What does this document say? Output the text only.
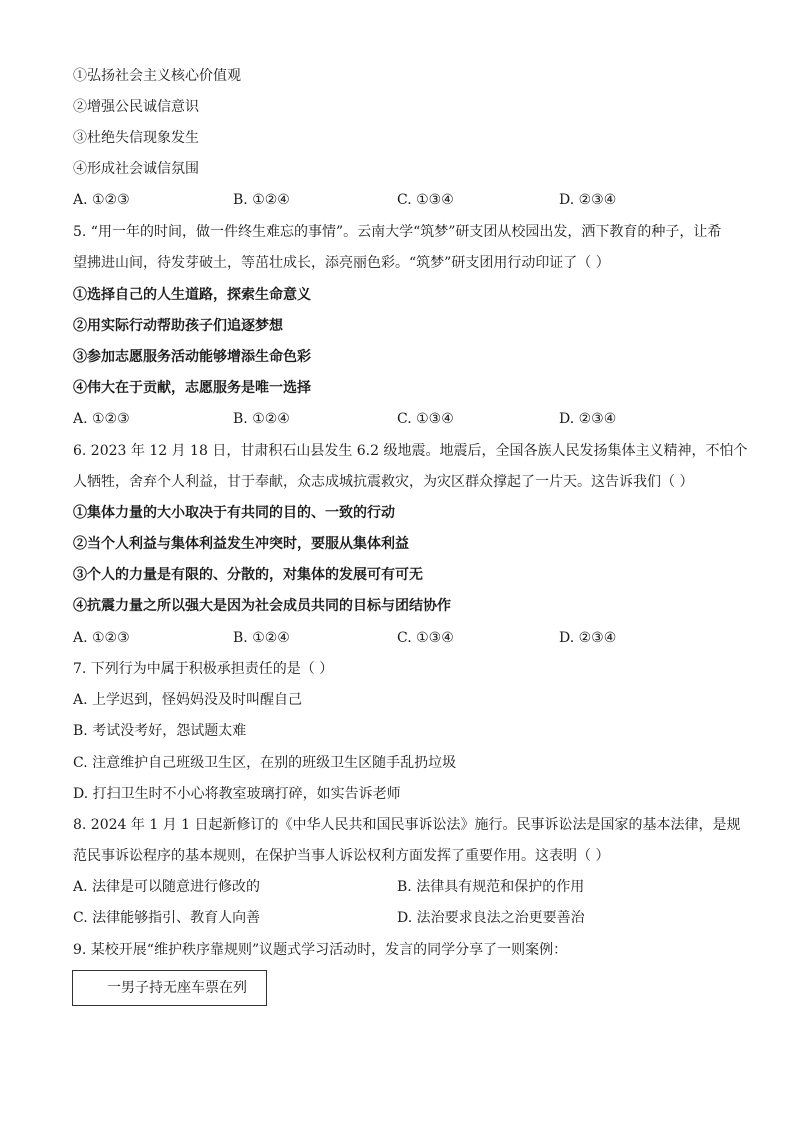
①弘扬社会主义核心价值观
②增强公民诚信意识
③杜绝失信现象发生
④形成社会诚信氛围
A. ①②③	B. ①②④	C. ①③④	D. ②③④
5. “用一年的时间，做一件终生难忘的事情”。云南大学“筑梦”研支团从校园出发，洒下教育的种子，让希
望拂进山间，待发芽破土，等茁壮成长，添亮丽色彩。“筑梦”研支团用行动印证了（ ）
①选择自己的人生道路，探索生命意义
②用实际行动帮助孩子们追逐梦想
③参加志愿服务活动能够增添生命色彩
④伟大在于贡献，志愿服务是唯一选择
A. ①②③	B. ①②④	C. ①③④	D. ②③④
6. 2023 年 12 月 18 日，甘肃积石山县发生 6.2 级地震。地震后，全国各族人民发扬集体主义精神，不怕个
人牺牲，舍弃个人利益，甘于奉献，众志成城抗震救灾，为灾区群众撑起了一片天。这告诉我们（ ）
①集体力量的大小取决于有共同的目的、一致的行动
②当个人利益与集体利益发生冲突时，要服从集体利益
③个人的力量是有限的、分散的，对集体的发展可有可无
④抗震力量之所以强大是因为社会成员共同的目标与团结协作
A. ①②③	B. ①②④	C. ①③④	D. ②③④
7. 下列行为中属于积极承担责任的是（ ）
A. 上学迟到，怪妈妈没及时叫醒自己
B. 考试没考好，怨试题太难
C. 注意维护自己班级卫生区，在别的班级卫生区随手乱扔垃圾
D. 打扫卫生时不小心将教室玻璃打碎，如实告诉老师
8. 2024 年 1 月 1 日起新修订的《中华人民共和国民事诉讼法》施行。民事诉讼法是国家的基本法律，是规
范民事诉讼程序的基本规则，在保护当事人诉讼权利方面发挥了重要作用。这表明（ ）
A. 法律是可以随意进行修改的	B. 法律具有规范和保护的作用
C. 法律能够指引、教育人向善	D. 法治要求良法之治更要善治
9. 某校开展“维护秩序靠规则”议题式学习活动时，发言的同学分享了一则案例：
一男子持无座车票在列
